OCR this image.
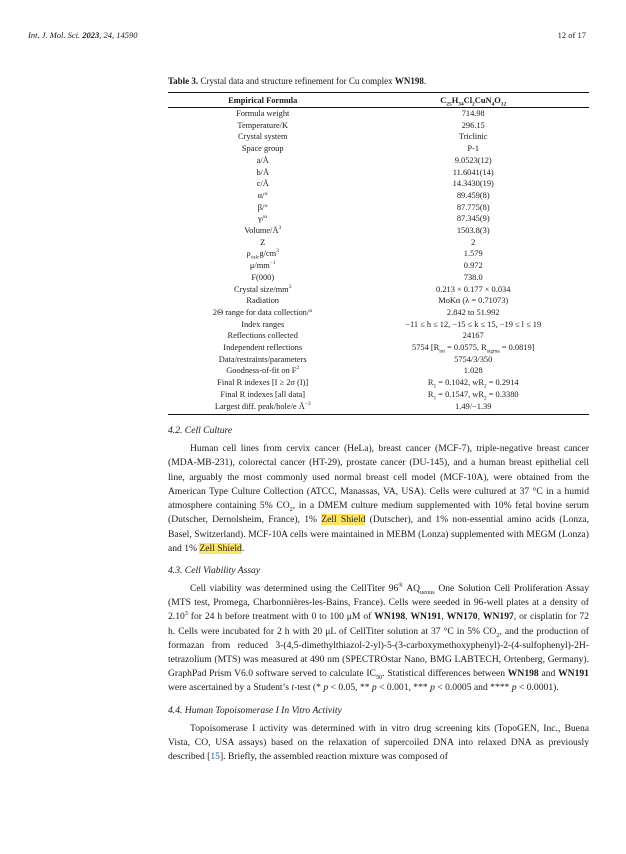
Int. J. Mol. Sci. 2023, 24, 14590	12 of 17
Table 3. Crystal data and structure refinement for Cu complex WN198.
Empirical Formula	$C_{25}H_{34}Cl_2CuN_4O_{12}$
Formula weight	714.98
Temperature/K	296.15
Crystal system	Triclinic
Space group	P-1
a/Å	9.0523(12)
b/Å	11.6041(14)
c/Å	14.3430(19)
α/°	89.459(8)
β/°	87.775(8)
γ/°	87.345(9)
Volume/$Å^3$	1503.8(3)
Z	2
$\rho_{calc}g/cm^3$	1.579
$\mu/mm^{-1}$	0.972
F(000)	738.0
Crystal size/$mm^3$	0.213 × 0.177 × 0.034
Radiation	MoKα (λ = 0.71073)
2Θ range for data collection/°	2.842 to 51.992
Index ranges	−11 ≤ h ≤ 12, −15 ≤ k ≤ 15, −19 ≤ l ≤ 19
Reflections collected	24167
Independent reflections	5754 [$R_{int} = 0.0575$, $R_{sigma} = 0.0819$]
Data/restraints/parameters	5754/3/350
Goodness-of-fit on $F^2$	1.028
Final R indexes [I ≥ 2σ (I)]	$R_1 = 0.1042$, $wR_2 = 0.2914$
Final R indexes [all data]	$R_1 = 0.1547$, $wR_2 = 0.3380$
Largest diff. peak/hole/e $Å^{-3}$	1.49/−1.39
4.2. Cell Culture

Human cell lines from cervix cancer (HeLa), breast cancer (MCF-7), triple-negative breast cancer (MDA-MB-231), colorectal cancer (HT-29), prostate cancer (DU-145), and a human breast epithelial cell line, arguably the most commonly used normal breast cell model (MCF-10A), were obtained from the American Type Culture Collection (ATCC, Manassas, VA, USA). Cells were cultured at 37 °C in a humid atmosphere containing 5% $CO_2$, in a DMEM culture medium supplemented with 10% fetal bovine serum (Dutscher, Dernolsheim, France), 1% Zell Shield (Dutscher), and 1% non-essential amino acids (Lonza, Basel, Switzerland). MCF-10A cells were maintained in MEBM (Lonza) supplemented with MEGM (Lonza) and 1% Zell Shield.

4.3. Cell Viability Assay

Cell viability was determined using the CellTiter 96® $AQ_{ueous}$ One Solution Cell Proliferation Assay (MTS test, Promega, Charbonnières-les-Bains, France). Cells were seeded in 96-well plates at a density of 2.10$^3$ for 24 h before treatment with 0 to 100 μM of WN198, WN191, WN170, WN197, or cisplatin for 72 h. Cells were incubated for 2 h with 20 μL of CellTiter solution at 37 °C in 5% $CO_2$, and the production of formazan from reduced 3-(4,5-dimethylthiazol-2-yl)-5-(3-carboxymethoxyphenyl)-2-(4-sulfophenyl)-2H-tetrazolium (MTS) was measured at 490 nm (SPECTROstar Nano, BMG LABTECH, Ortenberg, Germany). GraphPad Prism V6.0 software served to calculate $IC_{50}$. Statistical differences between WN198 and WN191 were ascertained by a Student’s t-test (* p < 0.05, ** p < 0.001, *** p < 0.0005 and **** p < 0.0001).

4.4. Human Topoisomerase I In Vitro Activity

Topoisomerase I activity was determined with in vitro drug screening kits (TopoGEN, Inc., Buena Vista, CO, USA assays) based on the relaxation of supercoiled DNA into relaxed DNA as previously described [15]. Briefly, the assembled reaction mixture was composed of
